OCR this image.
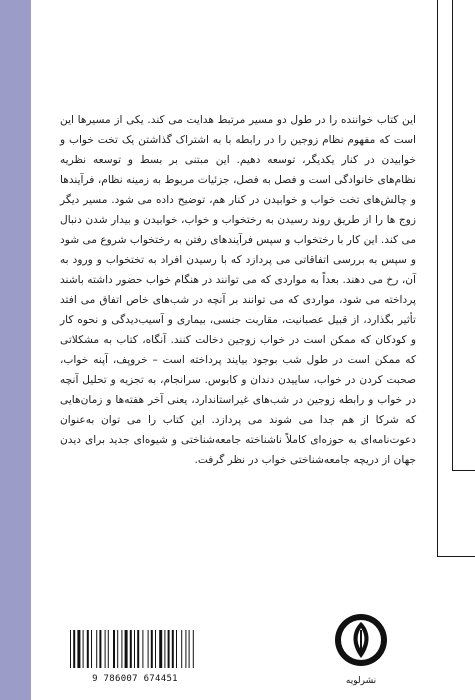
این کتاب خواننده را در طول دو مسیر مرتبط هدایت می کند. یکی از مسیرها این است که مفهوم نظام زوجین را در رابطه با به اشتراک گذاشتن یک تخت خواب و خوابیدن در کنار یکدیگر، توسعه دهیم. این مبتنی بر بسط و توسعه نظریه نظام‌های خانوادگی است و فصل به فصل، جزئیات مربوط به زمینه نظام، فرآیندها و چالش‌های تخت خواب و خوابیدن در کنار هم، توضیح داده می شود. مسیر دیگر زوج ها را از طریق روند رسیدن به رختخواب و خواب، خوابیدن و بیدار شدن دنبال می کند. این کار با رختخواب و سپس فرآیندهای رفتن به رختخواب شروع می شود و سپس به بررسی اتفاقاتی می پردازد که با رسیدن افراد به تختخواب و ورود به آن، رخ می دهند. بعداً به مواردی که می توانند در هنگام خواب حضور داشته باشند پرداخته می شود، مواردی که می توانند بر آنچه در شب‌های خاص اتفاق می افتد تأثیر بگذارد، از قبیل عصبانیت، مقاربت جنسی، بیماری و آسیب‌دیدگی و نحوه کار و کودکان که ممکن است در خواب زوجین دخالت کنند. آنگاه، کتاب به مشکلاتی که ممکن است در طول شب بوجود بیایند پرداخته است – خروپف، آپنه خواب، صحبت کردن در خواب، ساییدن دندان و کابوس. سرانجام، به تجزیه و تحلیل آنچه در خواب و رابطه زوجین در شب‌های غیراستاندارد، یعنی آخر هفته‌ها و زمان‌هایی که شرکا از هم جدا می شوند می پردازد. این کتاب را می توان به‌عنوان دعوت‌نامه‌ای به حوزه‌ای کاملاً ناشناخته جامعه‌شناختی و شیوه‌ای جدید برای دیدن جهان از دریچه جامعه‌شناختی خواب در نظر گرفت.

9 786007 674451	نشرلویه
